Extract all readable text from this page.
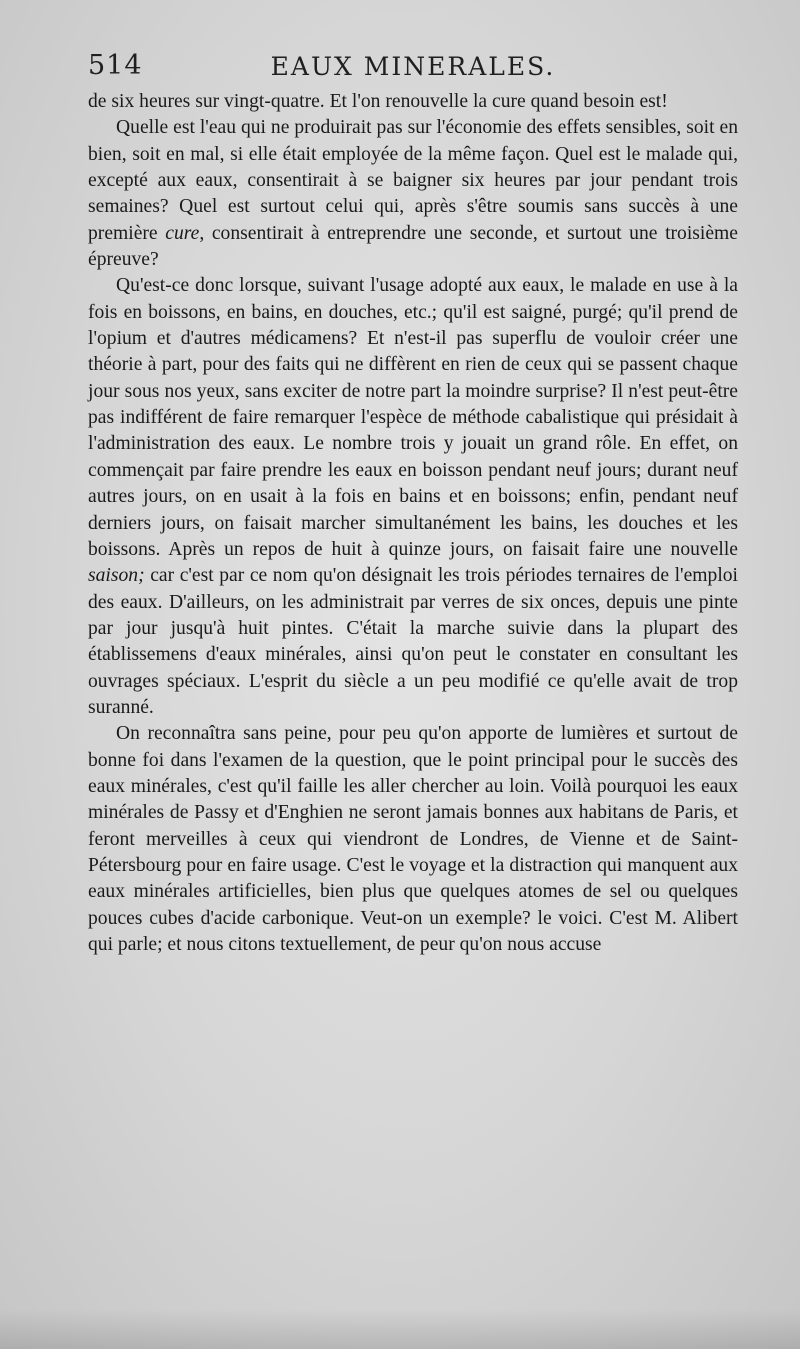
514	EAUX MINERALES.

de six heures sur vingt-quatre. Et l'on renouvelle la cure quand besoin est!

Quelle est l'eau qui ne produirait pas sur l'économie des effets sensibles, soit en bien, soit en mal, si elle était employée de la même façon. Quel est le malade qui, excepté aux eaux, consentirait à se baigner six heures par jour pendant trois semaines? Quel est surtout celui qui, après s'être soumis sans succès à une première cure, consentirait à entreprendre une seconde, et surtout une troisième épreuve?

Qu'est-ce donc lorsque, suivant l'usage adopté aux eaux, le malade en use à la fois en boissons, en bains, en douches, etc.; qu'il est saigné, purgé; qu'il prend de l'opium et d'autres médicamens? Et n'est-il pas superflu de vouloir créer une théorie à part, pour des faits qui ne diffèrent en rien de ceux qui se passent chaque jour sous nos yeux, sans exciter de notre part la moindre surprise? Il n'est peut-être pas indifférent de faire remarquer l'espèce de méthode cabalistique qui présidait à l'administration des eaux. Le nombre trois y jouait un grand rôle. En effet, on commençait par faire prendre les eaux en boisson pendant neuf jours; durant neuf autres jours, on en usait à la fois en bains et en boissons; enfin, pendant neuf derniers jours, on faisait marcher simultanément les bains, les douches et les boissons. Après un repos de huit à quinze jours, on faisait faire une nouvelle saison; car c'est par ce nom qu'on désignait les trois périodes ternaires de l'emploi des eaux. D'ailleurs, on les administrait par verres de six onces, depuis une pinte par jour jusqu'à huit pintes. C'était la marche suivie dans la plupart des établissemens d'eaux minérales, ainsi qu'on peut le constater en consultant les ouvrages spéciaux. L'esprit du siècle a un peu modifié ce qu'elle avait de trop suranné.

On reconnaîtra sans peine, pour peu qu'on apporte de lumières et surtout de bonne foi dans l'examen de la question, que le point principal pour le succès des eaux minérales, c'est qu'il faille les aller chercher au loin. Voilà pourquoi les eaux minérales de Passy et d'Enghien ne seront jamais bonnes aux habitans de Paris, et feront merveilles à ceux qui viendront de Londres, de Vienne et de Saint-Pétersbourg pour en faire usage. C'est le voyage et la distraction qui manquent aux eaux minérales artificielles, bien plus que quelques atomes de sel ou quelques pouces cubes d'acide carbonique. Veut-on un exemple? le voici. C'est M. Alibert qui parle; et nous citons textuellement, de peur qu'on nous accuse
